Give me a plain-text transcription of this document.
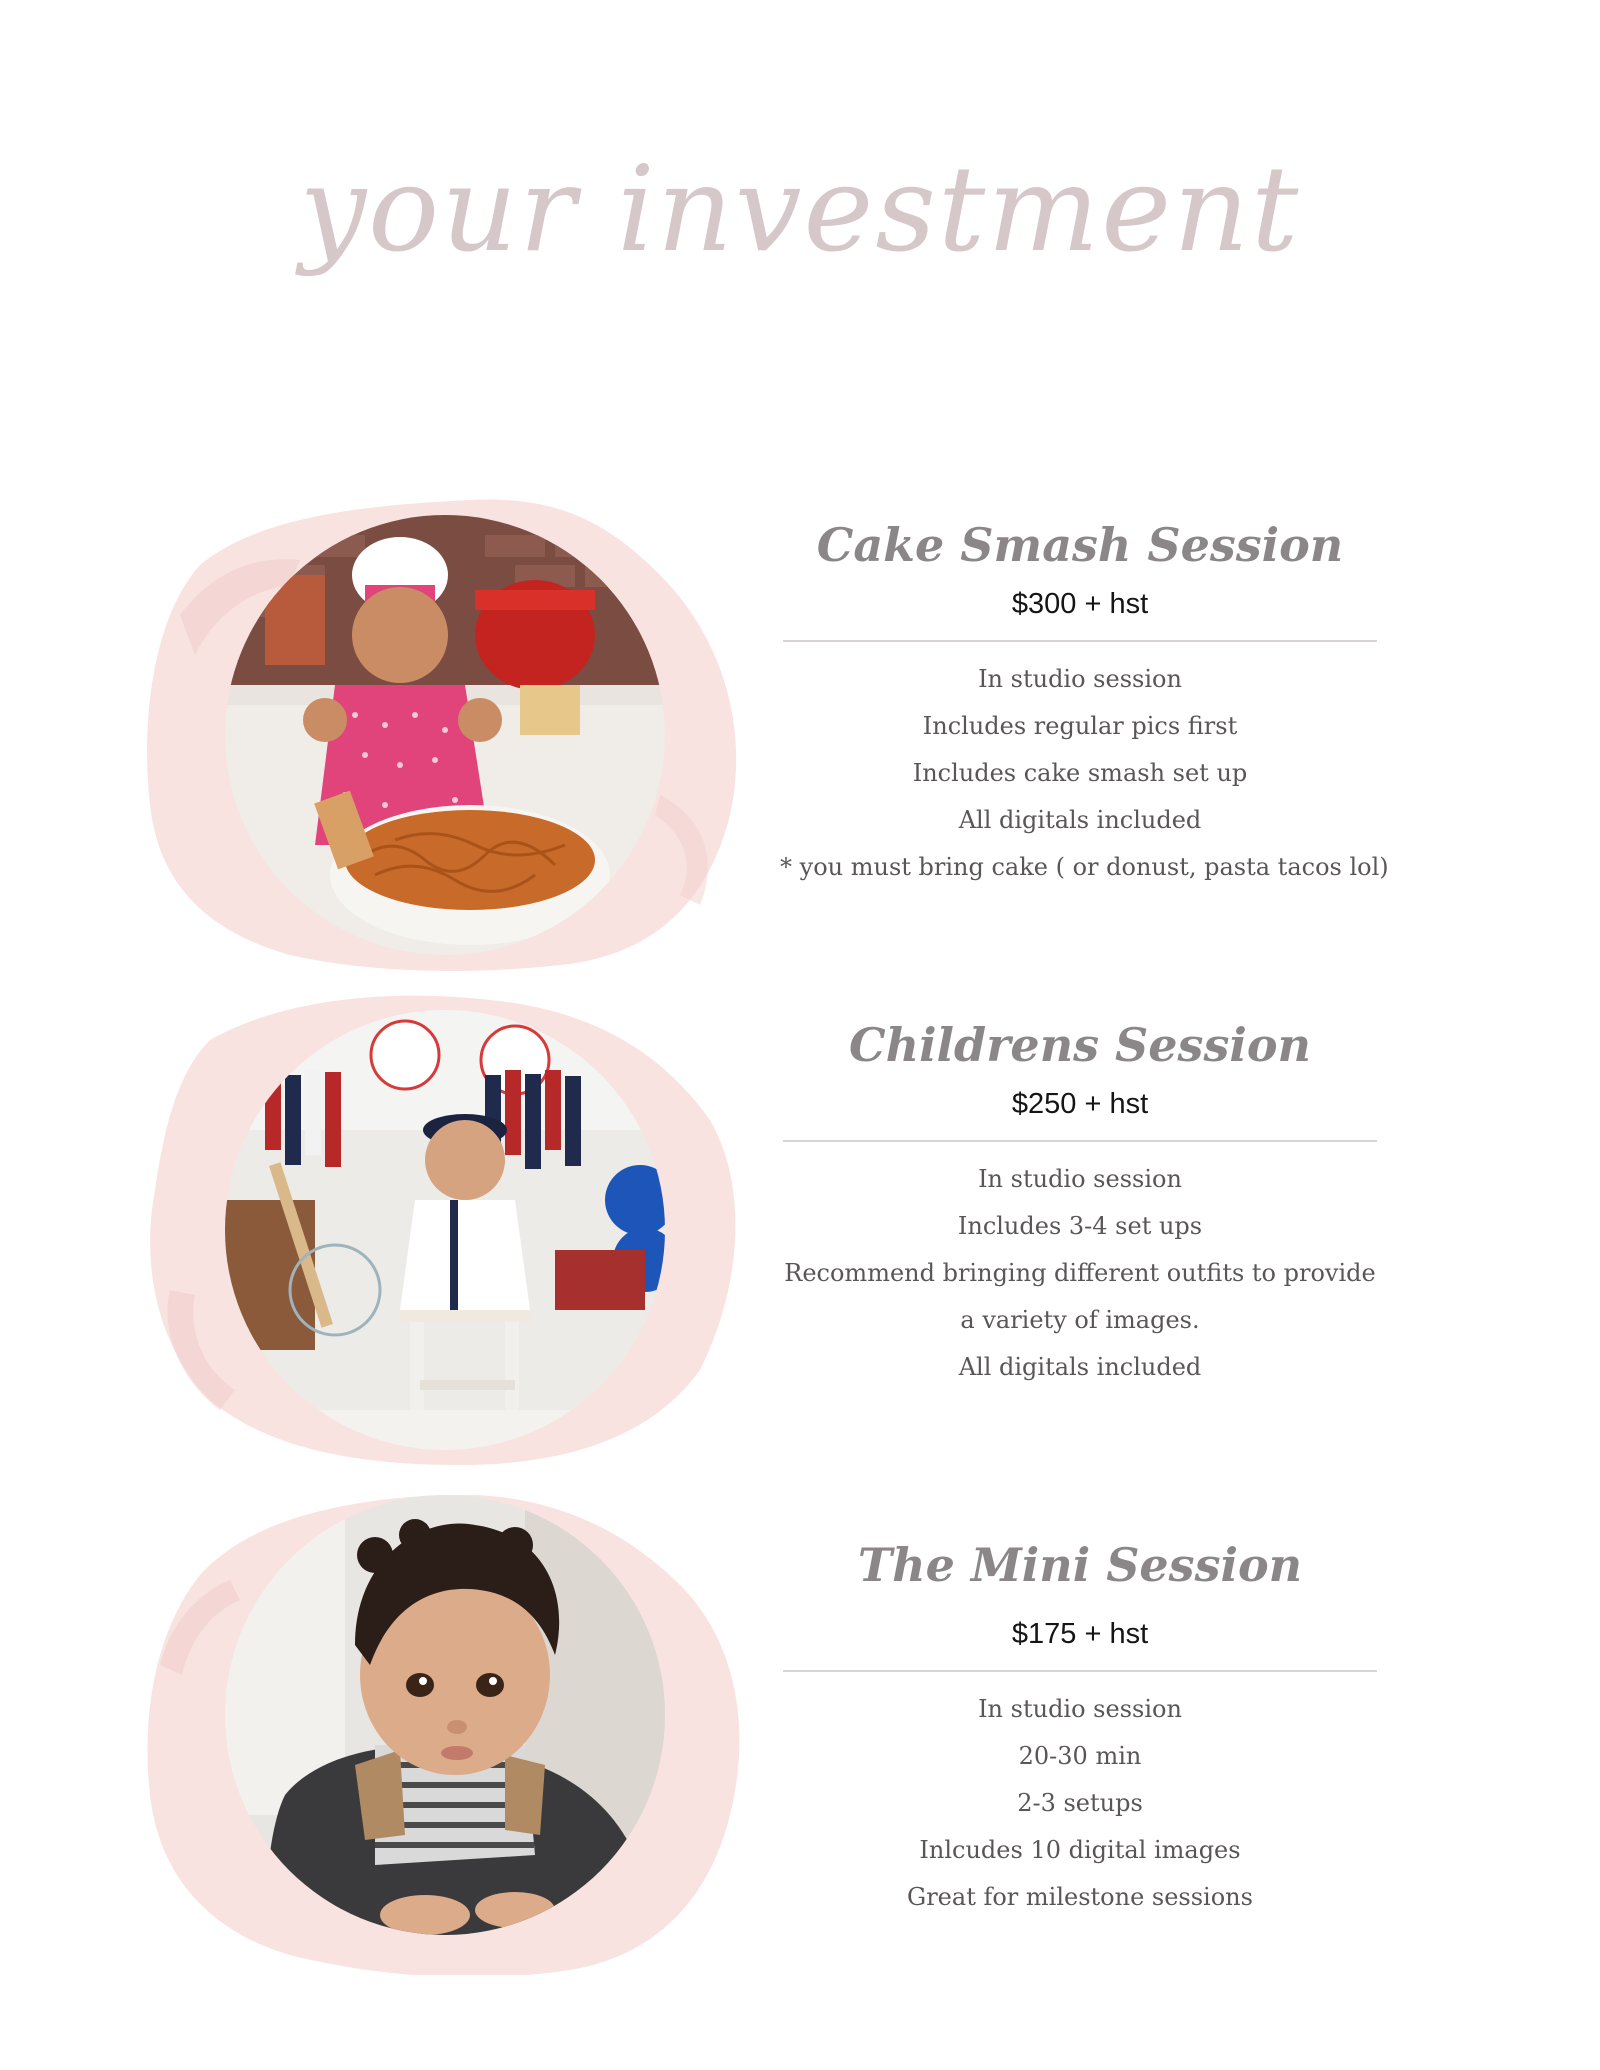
your investment
Cake Smash Session
$300 + hst
In studio session
Includes regular pics first
Includes cake smash set up
All digitals included
* you must bring cake ( or donust, pasta tacos lol)
Childrens Session
$250 + hst
In studio session
Includes 3-4 set ups
Recommend bringing different outfits to provide a variety of images.
All digitals included
The Mini Session
$175 + hst
In studio session
20-30 min
2-3 setups
Inlcudes 10 digital images
Great for milestone sessions
